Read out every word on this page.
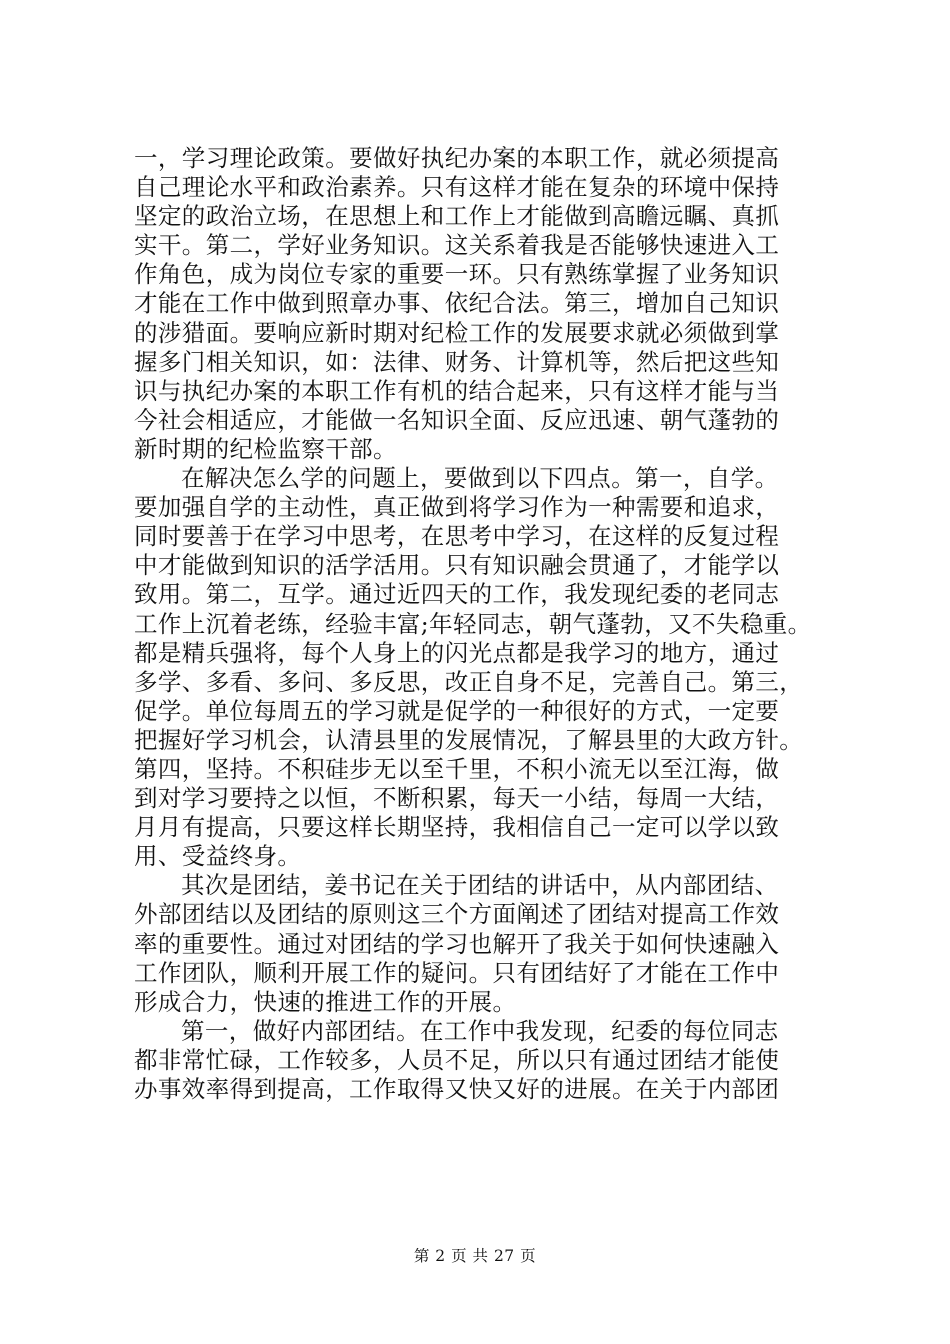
一，学习理论政策。要做好执纪办案的本职工作，就必须提高
自己理论水平和政治素养。只有这样才能在复杂的环境中保持
坚定的政治立场，在思想上和工作上才能做到高瞻远瞩、真抓
实干。第二，学好业务知识。这关系着我是否能够快速进入工
作角色，成为岗位专家的重要一环。只有熟练掌握了业务知识
才能在工作中做到照章办事、依纪合法。第三，增加自己知识
的涉猎面。要响应新时期对纪检工作的发展要求就必须做到掌
握多门相关知识，如：法律、财务、计算机等，然后把这些知
识与执纪办案的本职工作有机的结合起来，只有这样才能与当
今社会相适应，才能做一名知识全面、反应迅速、朝气蓬勃的
新时期的纪检监察干部。
在解决怎么学的问题上，要做到以下四点。第一，自学。
要加强自学的主动性，真正做到将学习作为一种需要和追求，
同时要善于在学习中思考，在思考中学习，在这样的反复过程
中才能做到知识的活学活用。只有知识融会贯通了，才能学以
致用。第二，互学。通过近四天的工作，我发现纪委的老同志
工作上沉着老练，经验丰富;年轻同志，朝气蓬勃，又不失稳重。
都是精兵强将，每个人身上的闪光点都是我学习的地方，通过
多学、多看、多问、多反思，改正自身不足，完善自己。第三，
促学。单位每周五的学习就是促学的一种很好的方式，一定要
把握好学习机会，认清县里的发展情况，了解县里的大政方针。
第四，坚持。不积硅步无以至千里，不积小流无以至江海，做
到对学习要持之以恒，不断积累，每天一小结，每周一大结，
月月有提高，只要这样长期坚持，我相信自己一定可以学以致
用、受益终身。
其次是团结，姜书记在关于团结的讲话中，从内部团结、
外部团结以及团结的原则这三个方面阐述了团结对提高工作效
率的重要性。通过对团结的学习也解开了我关于如何快速融入
工作团队，顺利开展工作的疑问。只有团结好了才能在工作中
形成合力，快速的推进工作的开展。
第一，做好内部团结。在工作中我发现，纪委的每位同志
都非常忙碌，工作较多，人员不足，所以只有通过团结才能使
办事效率得到提高，工作取得又快又好的进展。在关于内部团
第 2 页 共 27 页
